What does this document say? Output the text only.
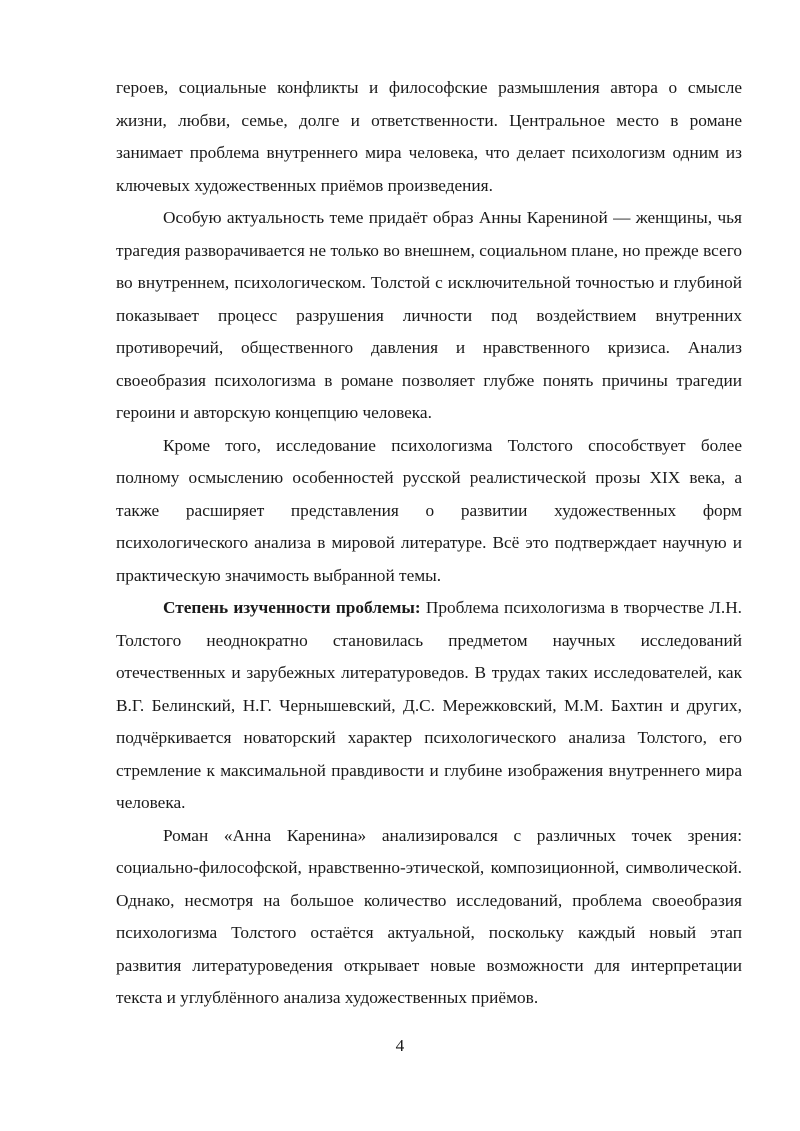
героев, социальные конфликты и философские размышления автора о смысле жизни, любви, семье, долге и ответственности. Центральное место в романе занимает проблема внутреннего мира человека, что делает психологизм одним из ключевых художественных приёмов произведения.

Особую актуальность теме придаёт образ Анны Карениной — женщины, чья трагедия разворачивается не только во внешнем, социальном плане, но прежде всего во внутреннем, психологическом. Толстой с исключительной точностью и глубиной показывает процесс разрушения личности под воздействием внутренних противоречий, общественного давления и нравственного кризиса. Анализ своеобразия психологизма в романе позволяет глубже понять причины трагедии героини и авторскую концепцию человека.

Кроме того, исследование психологизма Толстого способствует более полному осмыслению особенностей русской реалистической прозы XIX века, а также расширяет представления о развитии художественных форм психологического анализа в мировой литературе. Всё это подтверждает научную и практическую значимость выбранной темы.

Степень изученности проблемы: Проблема психологизма в творчестве Л.Н. Толстого неоднократно становилась предметом научных исследований отечественных и зарубежных литературоведов. В трудах таких исследователей, как В.Г. Белинский, Н.Г. Чернышевский, Д.С. Мережковский, М.М. Бахтин и других, подчёркивается новаторский характер психологического анализа Толстого, его стремление к максимальной правдивости и глубине изображения внутреннего мира человека.

Роман «Анна Каренина» анализировался с различных точек зрения: социально-философской, нравственно-этической, композиционной, символической. Однако, несмотря на большое количество исследований, проблема своеобразия психологизма Толстого остаётся актуальной, поскольку каждый новый этап развития литературоведения открывает новые возможности для интерпретации текста и углублённого анализа художественных приёмов.

4
